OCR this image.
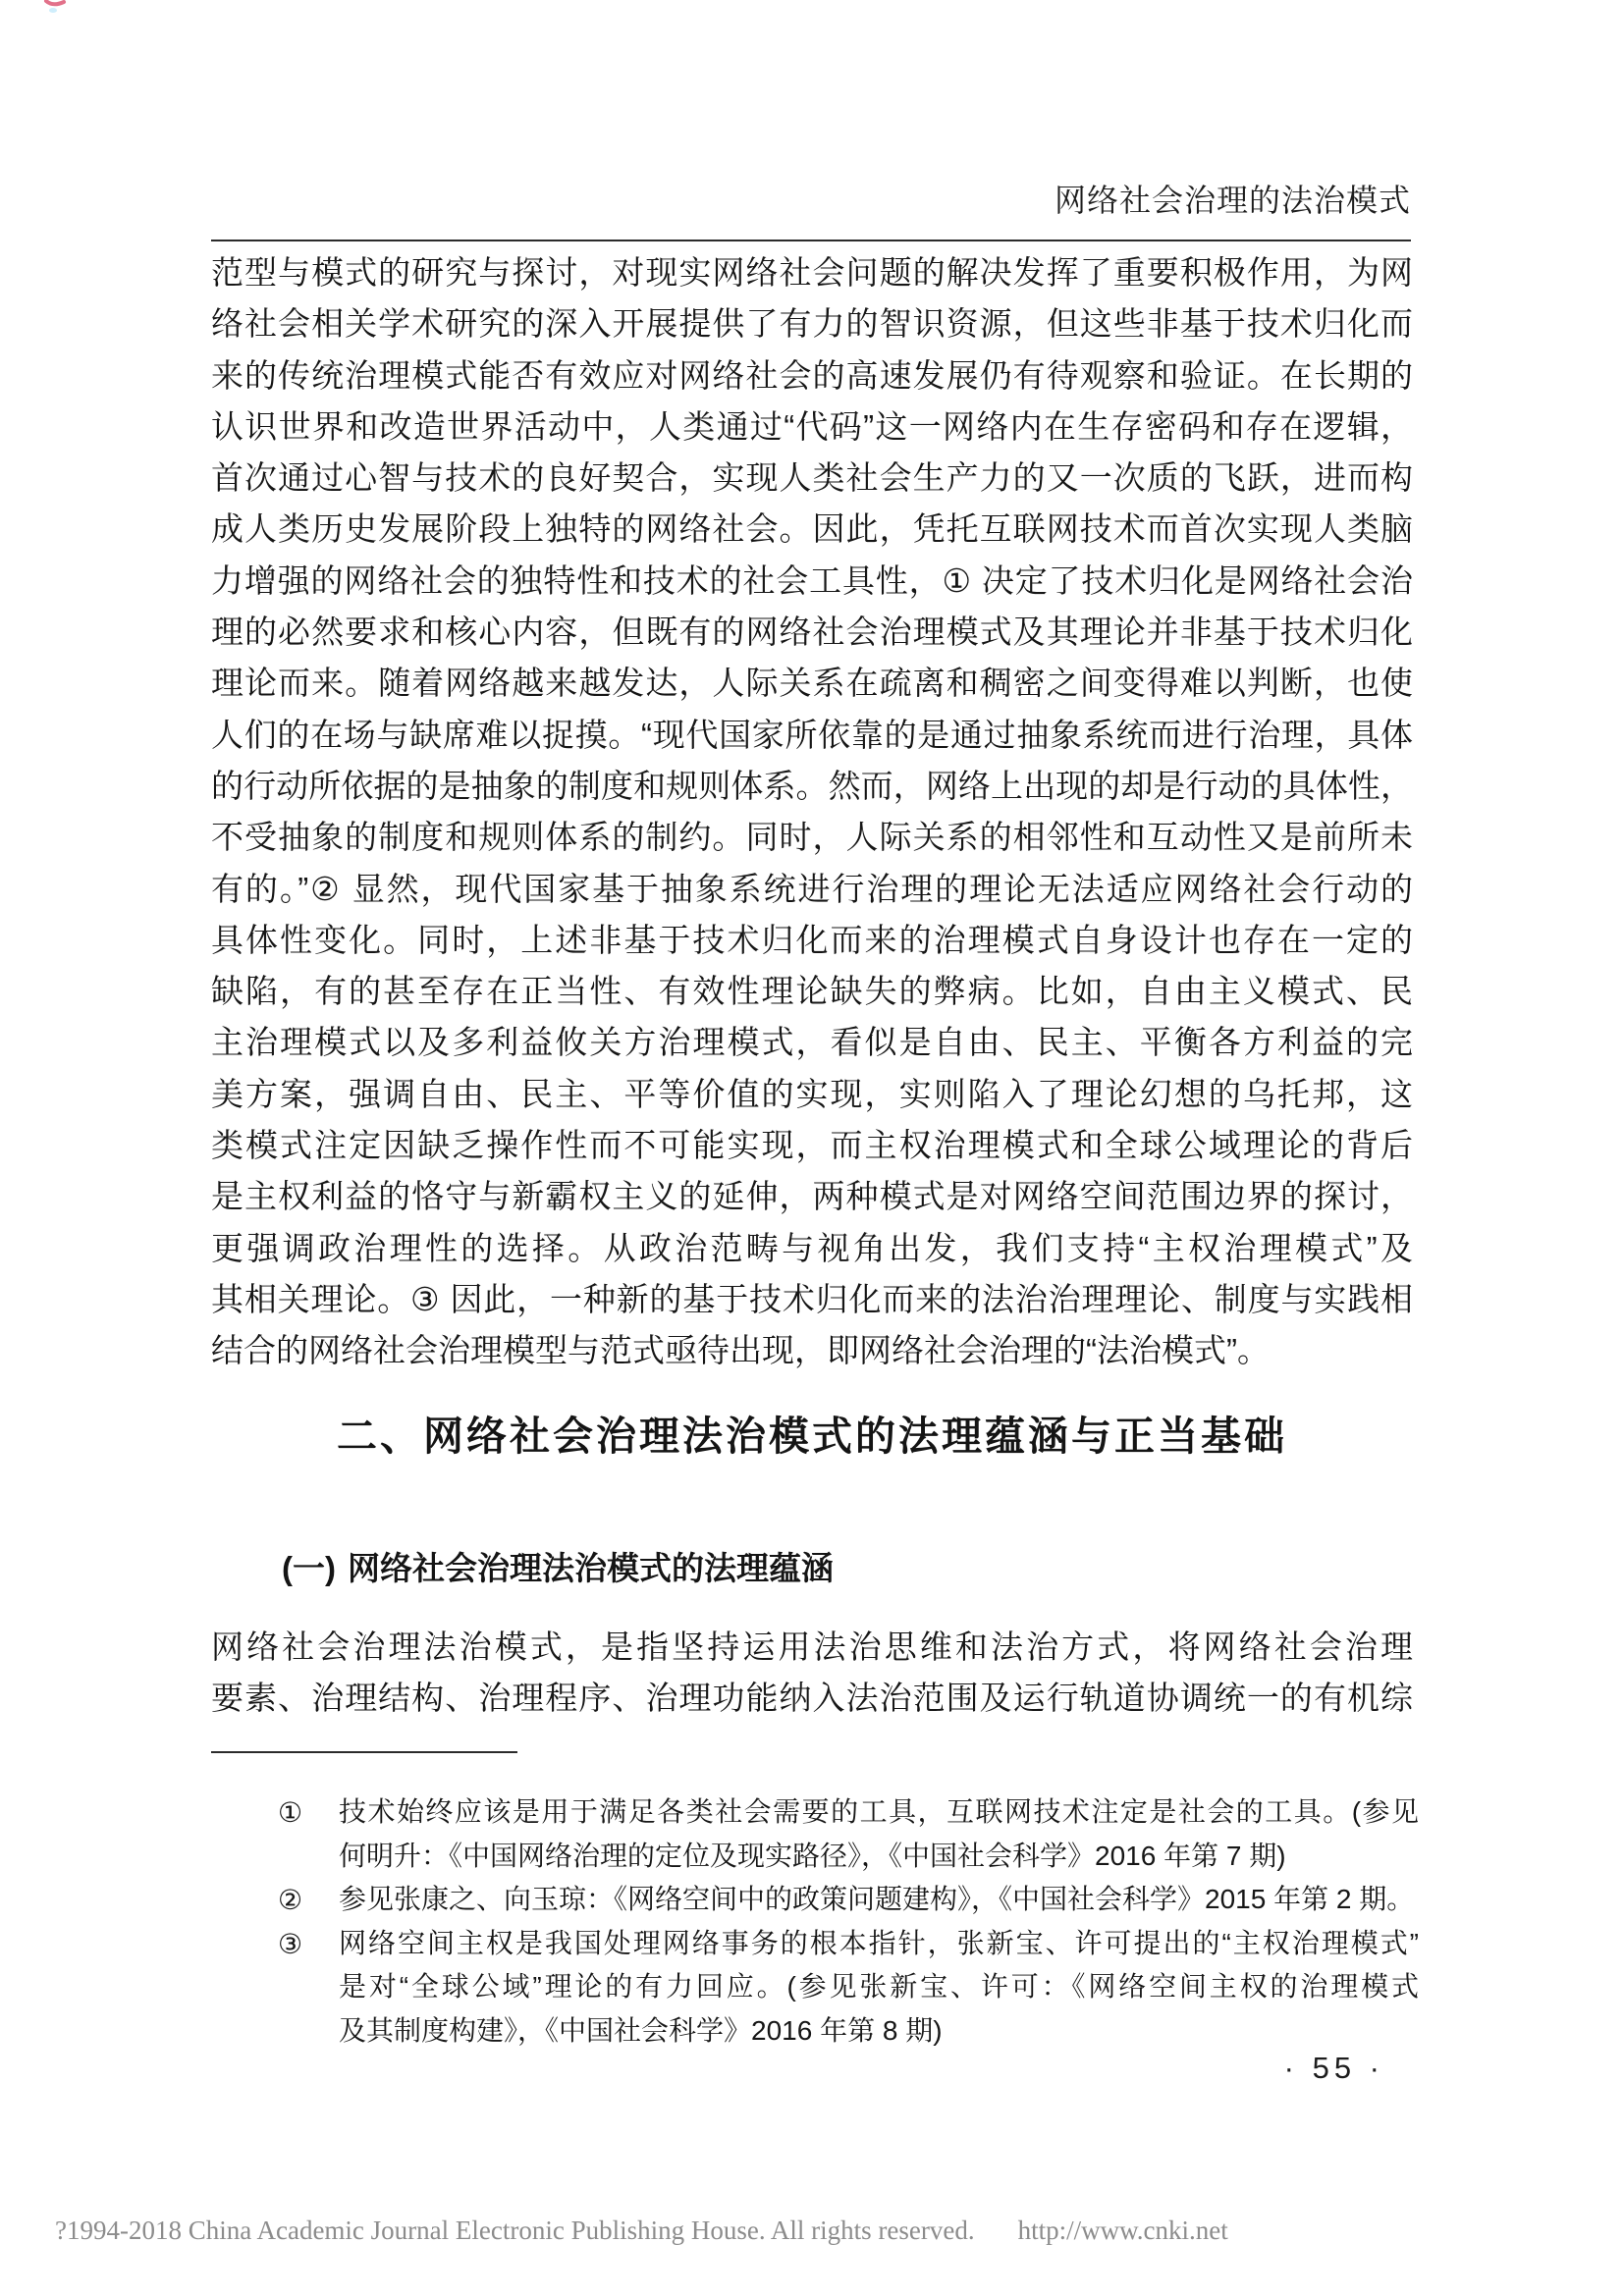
网络社会治理的法治模式
范型与模式的研究与探讨，对现实网络社会问题的解决发挥了重要积极作用，为网
络社会相关学术研究的深入开展提供了有力的智识资源，但这些非基于技术归化而
来的传统治理模式能否有效应对网络社会的高速发展仍有待观察和验证。在长期的
认识世界和改造世界活动中，人类通过“代码”这一网络内在生存密码和存在逻辑，
首次通过心智与技术的良好契合，实现人类社会生产力的又一次质的飞跃，进而构
成人类历史发展阶段上独特的网络社会。因此，凭托互联网技术而首次实现人类脑
力增强的网络社会的独特性和技术的社会工具性，① 决定了技术归化是网络社会治
理的必然要求和核心内容，但既有的网络社会治理模式及其理论并非基于技术归化
理论而来。随着网络越来越发达，人际关系在疏离和稠密之间变得难以判断，也使
人们的在场与缺席难以捉摸。“现代国家所依靠的是通过抽象系统而进行治理，具体
的行动所依据的是抽象的制度和规则体系。然而，网络上出现的却是行动的具体性，
不受抽象的制度和规则体系的制约。同时，人际关系的相邻性和互动性又是前所未
有的。”② 显然，现代国家基于抽象系统进行治理的理论无法适应网络社会行动的
具体性变化。同时，上述非基于技术归化而来的治理模式自身设计也存在一定的
缺陷，有的甚至存在正当性、有效性理论缺失的弊病。比如，自由主义模式、民
主治理模式以及多利益攸关方治理模式，看似是自由、民主、平衡各方利益的完
美方案，强调自由、民主、平等价值的实现，实则陷入了理论幻想的乌托邦，这
类模式注定因缺乏操作性而不可能实现，而主权治理模式和全球公域理论的背后
是主权利益的恪守与新霸权主义的延伸，两种模式是对网络空间范围边界的探讨，
更强调政治理性的选择。从政治范畴与视角出发，我们支持“主权治理模式”及
其相关理论。③ 因此，一种新的基于技术归化而来的法治治理理论、制度与实践相
结合的网络社会治理模型与范式亟待出现，即网络社会治理的“法治模式”。
二、网络社会治理法治模式的法理蕴涵与正当基础
(一) 网络社会治理法治模式的法理蕴涵
网络社会治理法治模式，是指坚持运用法治思维和法治方式，将网络社会治理
要素、治理结构、治理程序、治理功能纳入法治范围及运行轨道协调统一的有机综
① 技术始终应该是用于满足各类社会需要的工具，互联网技术注定是社会的工具。(参见
何明升：《中国网络治理的定位及现实路径》，《中国社会科学》2016 年第 7 期)
② 参见张康之、向玉琼：《网络空间中的政策问题建构》，《中国社会科学》2015 年第 2 期。
③ 网络空间主权是我国处理网络事务的根本指针，张新宝、许可提出的“主权治理模式”
是对“全球公域”理论的有力回应。(参见张新宝、许可：《网络空间主权的治理模式
及其制度构建》，《中国社会科学》2016 年第 8 期)
· 55 ·
?1994-2018 China Academic Journal Electronic Publishing House. All rights reserved. http://www.cnki.net
